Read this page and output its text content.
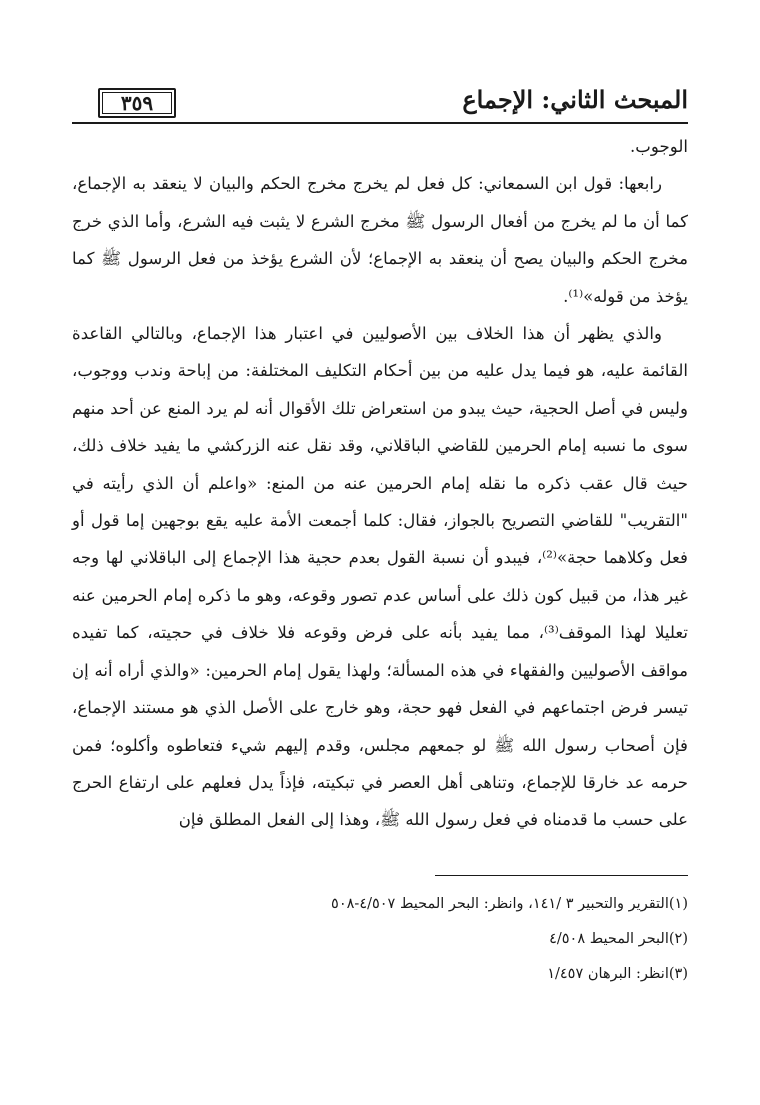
المبحث الثاني: الإجماع
٣٥٩

الوجوب.

رابعها: قول ابن السمعاني: كل فعل لم يخرج مخرج الحكم والبيان لا ينعقد به الإجماع، كما أن ما لم يخرج من أفعال الرسول ﷺ مخرج الشرع لا يثبت فيه الشرع، وأما الذي خرج مخرج الحكم والبيان يصح أن ينعقد به الإجماع؛ لأن الشرع يؤخذ من فعل الرسول ﷺ كما يؤخذ من قوله»⁽¹⁾.

والذي يظهر أن هذا الخلاف بين الأصوليين في اعتبار هذا الإجماع، وبالتالي القاعدة القائمة عليه، هو فيما يدل عليه من بين أحكام التكليف المختلفة: من إباحة وندب ووجوب، وليس في أصل الحجية، حيث يبدو من استعراض تلك الأقوال أنه لم يرد المنع عن أحد منهم سوى ما نسبه إمام الحرمين للقاضي الباقلاني، وقد نقل عنه الزركشي ما يفيد خلاف ذلك، حيث قال عقب ذكره ما نقله إمام الحرمين عنه من المنع: «واعلم أن الذي رأيته في "التقريب" للقاضي التصريح بالجواز، فقال: كلما أجمعت الأمة عليه يقع بوجهين إما قول أو فعل وكلاهما حجة»⁽²⁾، فيبدو أن نسبة القول بعدم حجية هذا الإجماع إلى الباقلاني لها وجه غير هذا، من قبيل كون ذلك على أساس عدم تصور وقوعه، وهو ما ذكره إمام الحرمين عنه تعليلا لهذا الموقف⁽³⁾، مما يفيد بأنه على فرض وقوعه فلا خلاف في حجيته، كما تفيده مواقف الأصوليين والفقهاء في هذه المسألة؛ ولهذا يقول إمام الحرمين: «والذي أراه أنه إن تيسر فرض اجتماعهم في الفعل فهو حجة، وهو خارج على الأصل الذي هو مستند الإجماع، فإن أصحاب رسول الله ﷺ لو جمعهم مجلس، وقدم إليهم شيء فتعاطوه وأكلوه؛ فمن حرمه عد خارقا للإجماع، وتناهى أهل العصر في تبكيته، فإذاً يدل فعلهم على ارتفاع الحرج على حسب ما قدمناه في فعل رسول الله ﷺ، وهذا إلى الفعل المطلق فإن

(١)التقرير والتحبير ٣ /١٤١، وانظر: البحر المحيط ٤/٥٠٧-٥٠٨
(٢)البحر المحيط ٤/٥٠٨
(٣)انظر: البرهان ١/٤٥٧
